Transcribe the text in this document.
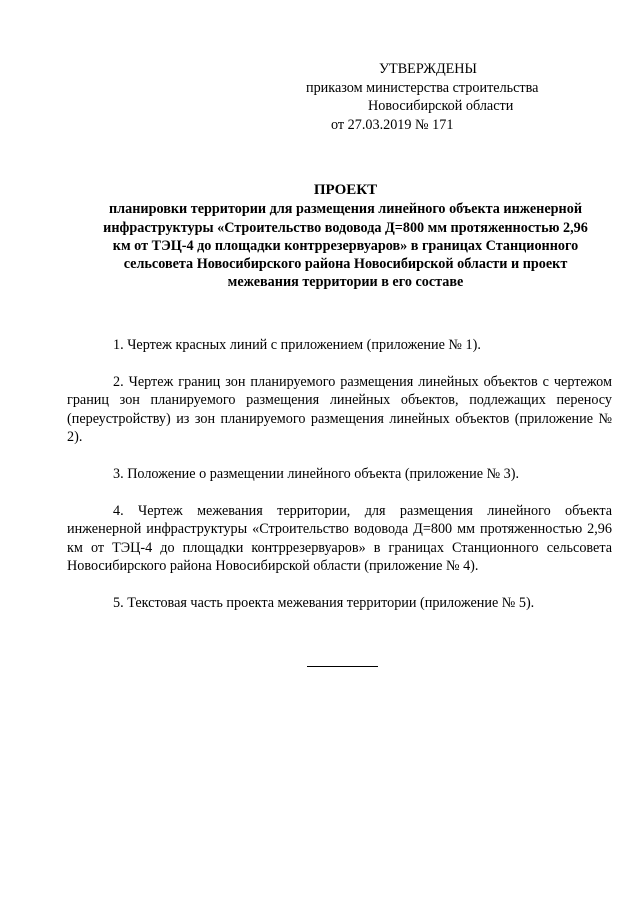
УТВЕРЖДЕНЫ
приказом министерства строительства
Новосибирской области
от 27.03.2019 № 171
ПРОЕКТ
планировки территории для размещения линейного объекта инженерной
инфраструктуры «Строительство водовода Д=800 мм протяженностью 2,96
км от ТЭЦ-4 до площадки контррезервуаров» в границах Станционного
сельсовета Новосибирского района Новосибирской области и проект
межевания территории в его составе

1. Чертеж красных линий с приложением (приложение № 1).

2. Чертеж границ зон планируемого размещения линейных объектов с чертежом границ зон планируемого размещения линейных объектов, подлежащих переносу (переустройству) из зон планируемого размещения линейных объектов (приложение № 2).

3. Положение о размещении линейного объекта (приложение № 3).

4. Чертеж межевания территории, для размещения линейного объекта инженерной инфраструктуры «Строительство водовода Д=800 мм протяженностью 2,96 км от ТЭЦ-4 до площадки контррезервуаров» в границах Станционного сельсовета Новосибирского района Новосибирской области (приложение № 4).

5. Текстовая часть проекта межевания территории (приложение № 5).
